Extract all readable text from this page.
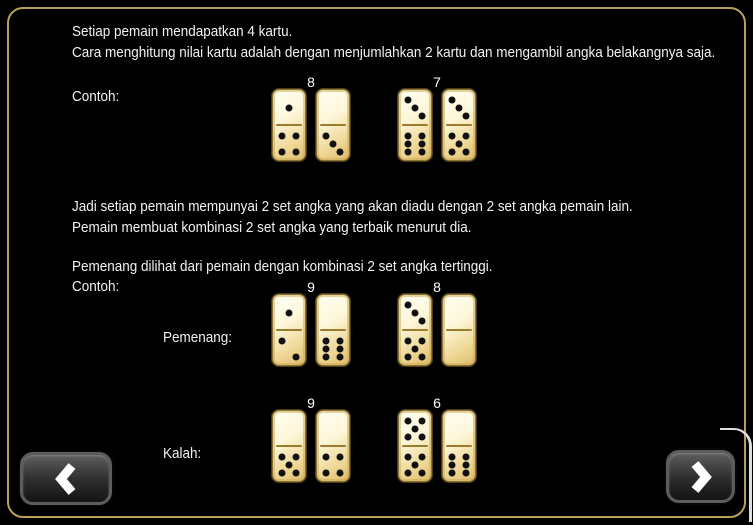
Setiap pemain mendapatkan 4 kartu.
Cara menghitung nilai kartu adalah dengan menjumlahkan 2 kartu dan mengambil angka belakangnya saja.
Contoh:
Jadi setiap pemain mempunyai 2 set angka yang akan diadu dengan 2 set angka pemain lain.
Pemain membuat kombinasi 2 set angka yang terbaik menurut dia.
Pemenang dilihat dari pemain dengan kombinasi 2 set angka tertinggi.
Contoh:
8	7
Pemenang:
9	8
Kalah:
9	6
